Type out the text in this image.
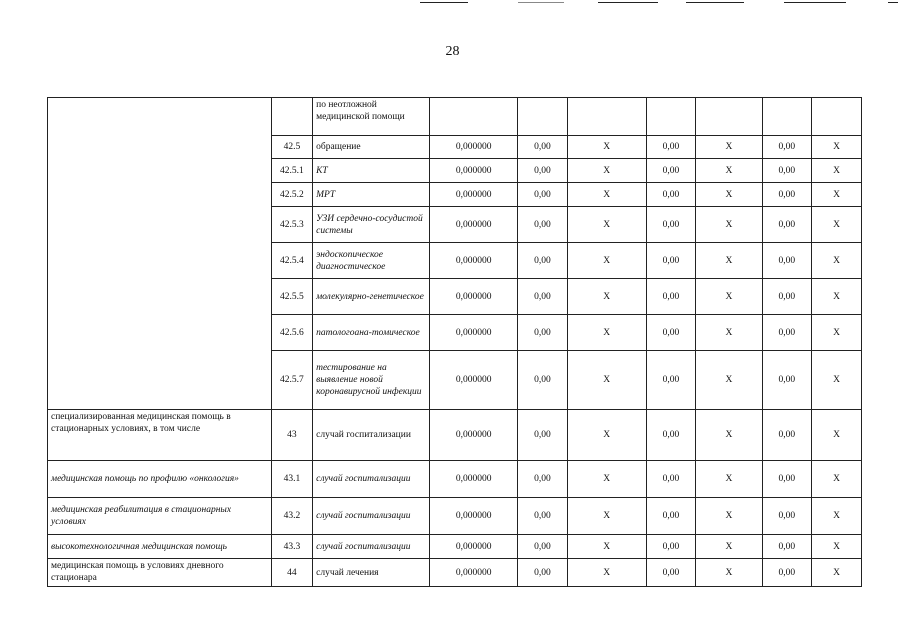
28
		по неотложной медицинской помощи							
	42.5	обращение	0,000000	0,00	X	0,00	X	0,00	X
	42.5.1	КТ	0,000000	0,00	X	0,00	X	0,00	X
	42.5.2	МРТ	0,000000	0,00	X	0,00	X	0,00	X
	42.5.3	УЗИ сердечно-сосудистой системы	0,000000	0,00	X	0,00	X	0,00	X
	42.5.4	эндоскопическое диагностическое	0,000000	0,00	X	0,00	X	0,00	X
	42.5.5	молекулярно-генетическое	0,000000	0,00	X	0,00	X	0,00	X
	42.5.6	патологоана-томическое	0,000000	0,00	X	0,00	X	0,00	X
	42.5.7	тестирование на выявление новой коронавирусной инфекции	0,000000	0,00	X	0,00	X	0,00	X
специализированная медицинская помощь в стационарных условиях, в том числе	43	случай госпитализации	0,000000	0,00	X	0,00	X	0,00	X
медицинская помощь по профилю «онкология»	43.1	случай госпитализации	0,000000	0,00	X	0,00	X	0,00	X
медицинская реабилитация в стационарных условиях	43.2	случай госпитализации	0,000000	0,00	X	0,00	X	0,00	X
высокотехнологичная медицинская помощь	43.3	случай госпитализации	0,000000	0,00	X	0,00	X	0,00	X
медицинская помощь в условиях дневного стационара	44	случай лечения	0,000000	0,00	X	0,00	X	0,00	X
